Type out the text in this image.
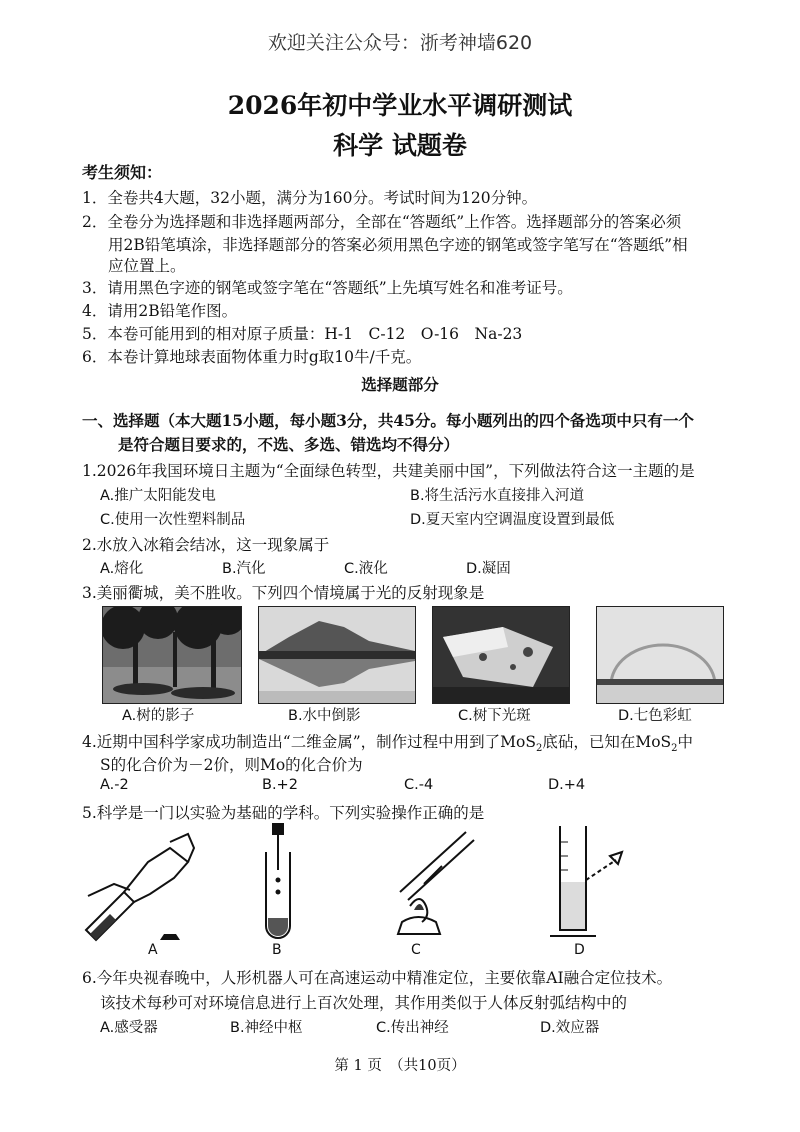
欢迎关注公众号：浙考神墙620
2026年初中学业水平调研测试
科学 试题卷
考生须知：
1．全卷共4大题，32小题，满分为160分。考试时间为120分钟。
2．全卷分为选择题和非选择题两部分，全部在“答题纸”上作答。选择题部分的答案必须
用2B铅笔填涂，非选择题部分的答案必须用黑色字迹的钢笔或签字笔写在“答题纸”相
应位置上。
3．请用黑色字迹的钢笔或签字笔在“答题纸”上先填写姓名和准考证号。
4．请用2B铅笔作图。
5．本卷可能用到的相对原子质量：H-1　C-12　O-16　Na-23
6．本卷计算地球表面物体重力时g取10牛/千克。
选择题部分
一、选择题（本大题15小题，每小题3分，共45分。每小题列出的四个备选项中只有一个
是符合题目要求的，不选、多选、错选均不得分）
1.2026年我国环境日主题为“全面绿色转型，共建美丽中国”，下列做法符合这一主题的是
A.推广太阳能发电	B.将生活污水直接排入河道
C.使用一次性塑料制品	D.夏天室内空调温度设置到最低
2.水放入冰箱会结冰，这一现象属于
A.熔化	B.汽化	C.液化	D.凝固
3.美丽衢城，美不胜收。下列四个情境属于光的反射现象是
A.树的影子	B.水中倒影	C.树下光斑	D.七色彩虹
4.近期中国科学家成功制造出“二维金属”，制作过程中用到了MoS$_2$底砧，已知在MoS$_2$中
S的化合价为－2价，则Mo的化合价为
A.-2	B.+2	C.-4	D.+4
5.科学是一门以实验为基础的学科。下列实验操作正确的是
A	B	C	D
6.今年央视春晚中，人形机器人可在高速运动中精准定位，主要依靠AI融合定位技术。
该技术每秒可对环境信息进行上百次处理，其作用类似于人体反射弧结构中的
A.感受器	B.神经中枢	C.传出神经	D.效应器
第 1 页　（共10页）
